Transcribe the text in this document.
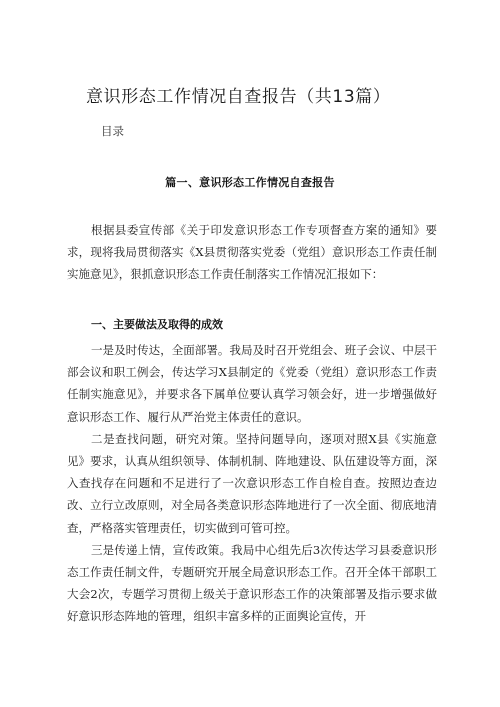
意识形态工作情况自查报告（共13篇）
目录
篇一、意识形态工作情况自查报告

根据县委宣传部《关于印发意识形态工作专项督查方案的通知》要求，现将我局贯彻落实《X县贯彻落实党委（党组）意识形态工作责任制实施意见》，狠抓意识形态工作责任制落实工作情况汇报如下：

一、主要做法及取得的成效

一是及时传达，全面部署。我局及时召开党组会、班子会议、中层干部会议和职工例会，传达学习X县制定的《党委（党组）意识形态工作责任制实施意见》，并要求各下属单位要认真学习领会好，进一步增强做好意识形态工作、履行从严治党主体责任的意识。

二是查找问题，研究对策。坚持问题导向，逐项对照X县《实施意见》要求，认真从组织领导、体制机制、阵地建设、队伍建设等方面，深入查找存在问题和不足进行了一次意识形态工作自检自查。按照边查边改、立行立改原则，对全局各类意识形态阵地进行了一次全面、彻底地清查，严格落实管理责任，切实做到可管可控。

三是传递上情，宣传政策。我局中心组先后3次传达学习县委意识形态工作责任制文件，专题研究开展全局意识形态工作。召开全体干部职工大会2次，专题学习贯彻上级关于意识形态工作的决策部署及指示要求做好意识形态阵地的管理，组织丰富多样的正面舆论宣传，开
